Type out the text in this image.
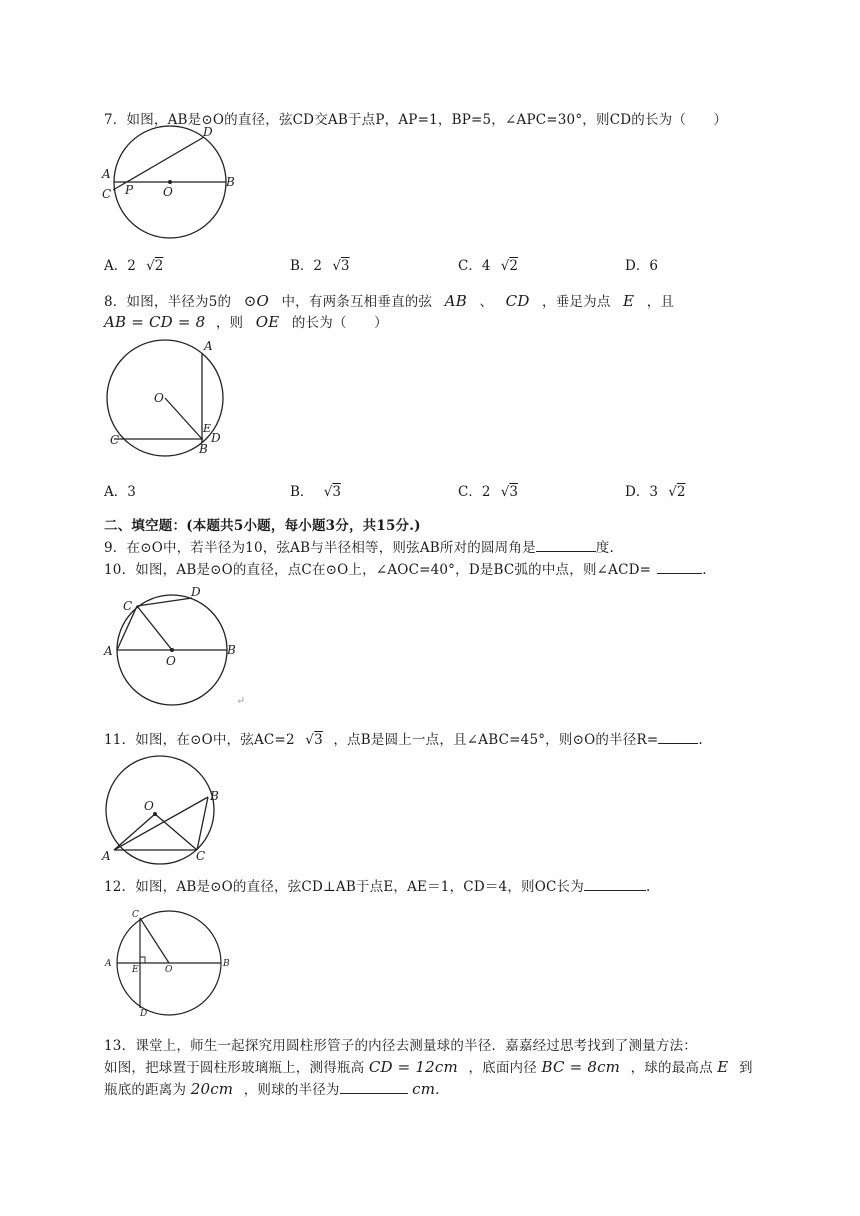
7．如图，AB是⊙O的直径，弦CD交AB于点P，AP=1，BP=5，∠APC=30°，则CD的长为（　　）
A
C
D
B
P O
A．2 √2	B．2 √3	C．4 √2	D．6
8．如图，半径为5的 ⊙O 中，有两条互相垂直的弦 AB 、 CD ，垂足为点 E ，且
AB = CD = 8 ，则 OE 的长为（　　）
A
O
C
E
D
B
A．3	B． √3	C．2 √3	D．3 √2
二、填空题：(本题共5小题，每小题3分，共15分.)
9．在⊙O中，若半径为10，弦AB与半径相等，则弦AB所对的圆周角是	度.
10．如图，AB是⊙O的直径，点C在⊙O上，∠AOC=40°，D是BC弧的中点，则∠ACD=	.
A
C
D
B
O
↵
11．如图，在⊙O中，弦AC=2 √3 ，点B是圆上一点，且∠ABC=45°，则⊙O的半径R=	.
O
B
A	C
12．如图，AB是⊙O的直径，弦CD⊥AB于点E，AE＝1，CD＝4，则OC长为	.
A
C
E	O
B
D
13．课堂上，师生一起探究用圆柱形管子的内径去测量球的半径．嘉嘉经过思考找到了测量方法：
如图，把球置于圆柱形玻璃瓶上，测得瓶高 CD = 12cm ，底面内径 BC = 8cm ，球的最高点 E 到
瓶底的距离为 20cm ，则球的半径为	cm.
